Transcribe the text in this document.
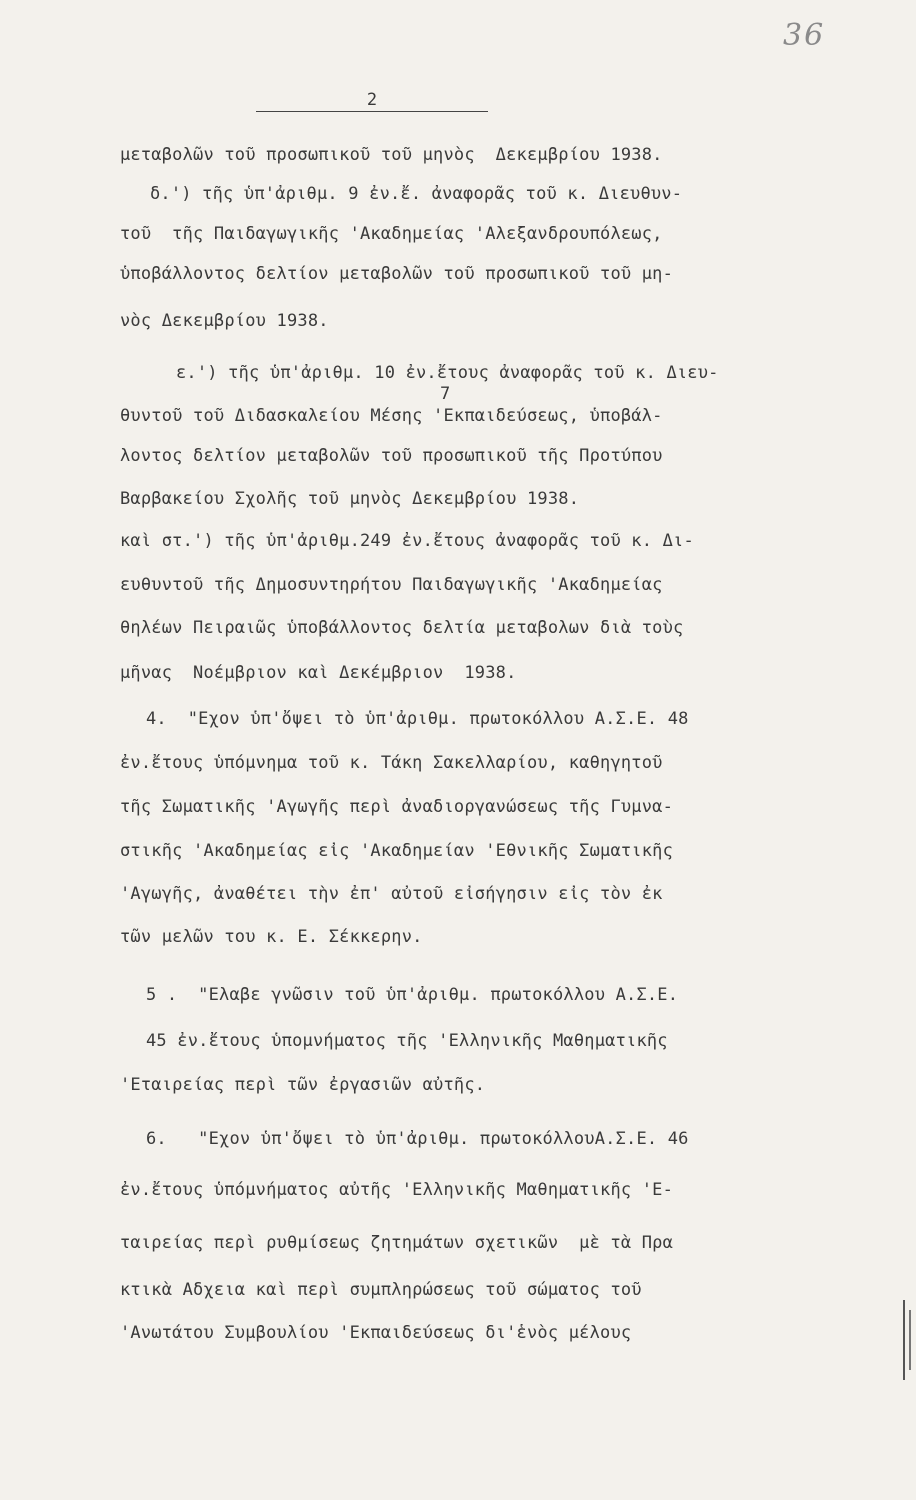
36
2
μεταβολῶν τοῦ προσωπικοῦ τοῦ μηνὸς  Δεκεμβρίου 1938.
δ.') τῆς ὑπ'ἀριθμ. 9 ἐν.ἔ. ἀναφορᾶς τοῦ κ. Διευθυν-
τοῦ  τῆς Παιδαγωγικῆς 'Ακαδημείας 'Αλεξανδρουπόλεως,
ὑποβάλλοντος δελτίον μεταβολῶν τοῦ προσωπικοῦ τοῦ μη-
νὸς Δεκεμβρίου 1938.
ε.') τῆς ὑπ'ἀριθμ. 10 ἐν.ἔτους ἀναφορᾶς τοῦ κ. Διευ-
7
θυντοῦ τοῦ Διδασκαλείου Μέσης 'Εκπαιδεύσεως, ὑποβάλ-
λοντος δελτίον μεταβολῶν τοῦ προσωπικοῦ τῆς Προτύπου
Βαρβακείου Σχολῆς τοῦ μηνὸς Δεκεμβρίου 1938.
καὶ στ.') τῆς ὑπ'ἀριθμ.249 ἐν.ἔτους ἀναφορᾶς τοῦ κ. Δι-
ευθυντοῦ τῆς Δημοσυντηρήτου Παιδαγωγικῆς 'Ακαδημείας
θηλέων Πειραιῶς ὑποβάλλοντος δελτία μεταβολων διὰ τοὺς
μῆνας  Νοέμβριον καὶ Δεκέμβριον  1938.
4.  "Εχον ὑπ'ὄψει τὸ ὑπ'ἀριθμ. πρωτοκόλλου Α.Σ.Ε. 48
ἐν.ἔτους ὑπόμνημα τοῦ κ. Τάκη Σακελλαρίου, καθηγητοῦ
τῆς Σωματικῆς 'Αγωγῆς περὶ ἀναδιοργανώσεως τῆς Γυμνα-
στικῆς 'Ακαδημείας εἰς 'Ακαδημείαν 'Εθνικῆς Σωματικῆς
'Αγωγῆς, ἀναθέτει τὴν ἐπ' αὐτοῦ εἰσήγησιν εἰς τὸν ἐκ
τῶν μελῶν του κ. Ε. Σέκκερην.
5 .  "Ελαβε γνῶσιν τοῦ ὑπ'ἀριθμ. πρωτοκόλλου Α.Σ.Ε.
45 ἐν.ἔτους ὑπομνήματος τῆς 'Ελληνικῆς Μαθηματικῆς
'Εταιρείας περὶ τῶν ἐργασιῶν αὐτῆς.
6.   "Εχον ὑπ'ὄψει τὸ ὑπ'ἀριθμ. πρωτοκόλλουΑ.Σ.Ε. 46
ἐν.ἔτους ὑπόμνήματος αὐτῆς 'Ελληνικῆς Μαθηματικῆς 'Ε-
ταιρείας περὶ ρυθμίσεως ζητημάτων σχετικῶν  μὲ τὰ Πρα
κτικὰ Αδχεια καὶ περὶ συμπληρώσεως τοῦ σώματος τοῦ
'Ανωτάτου Συμβουλίου 'Εκπαιδεύσεως δι'ἑνὸς μέλους
